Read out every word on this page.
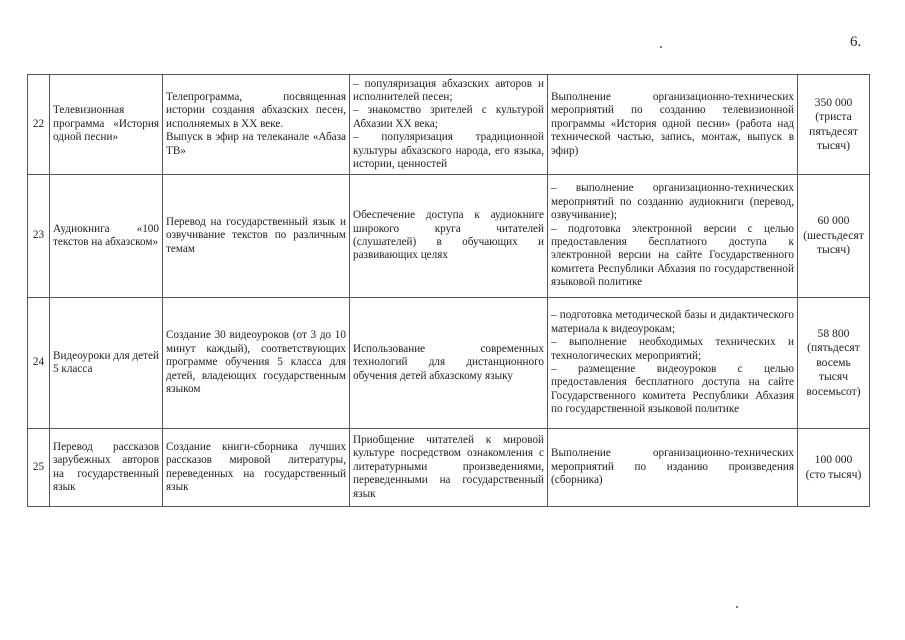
6.
22	Телевизионная программа «История одной песни»	Телепрограмма, посвященная истории создания абхазских песен, исполняемых в XX веке.
Выпуск в эфир на телеканале «Абаза ТВ»	– популяризация абхазских авторов и исполнителей песен;
– знакомство зрителей с культурой Абхазии XX века;
– популяризация традиционной культуры абхазского народа, его языка, истории, ценностей	Выполнение организационно-технических мероприятий по созданию телевизионной программы «История одной песни» (работа над технической частью, запись, монтаж, выпуск в эфир)	350 000
(триста пятьдесят тысяч)

23	Аудиокнига «100 текстов на абхазском»	Перевод на государственный язык и озвучивание текстов по различным темам	Обеспечение доступа к аудиокниге широкого круга читателей (слушателей) в обучающих и развивающих целях	– выполнение организационно-технических мероприятий по созданию аудиокниги (перевод, озвучивание);
– подготовка электронной версии с целью предоставления бесплатного доступа к электронной версии на сайте Государственного комитета Республики Абхазия по государственной языковой политике	60 000
(шестьдесят тысяч)

24	Видеоуроки для детей 5 класса	Создание 30 видеоуроков (от 3 до 10 минут каждый), соответствующих программе обучения 5 класса для детей, владеющих государственным языком	Использование современных технологий для дистанционного обучения детей абхазскому языку	– подготовка методической базы и дидактического материала к видеоурокам;
– выполнение необходимых технических и технологических мероприятий;
– размещение видеоуроков с целью предоставления бесплатного доступа на сайте Государственного комитета Республики Абхазия по государственной языковой политике	58 800
(пятьдесят восемь тысяч восемьсот)

25	Перевод рассказов зарубежных авторов на государственный язык	Создание книги-сборника лучших рассказов мировой литературы, переведенных на государственный язык	Приобщение читателей к мировой культуре посредством ознакомления с литературными произведениями, переведенными на государственный язык	Выполнение организационно-технических мероприятий по изданию произведения (сборника)	100 000
(сто тысяч)
